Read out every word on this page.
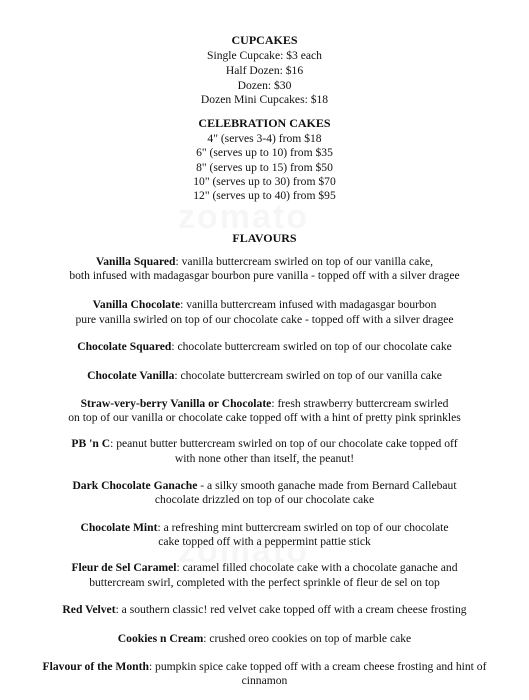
CUPCAKES
Single Cupcake: $3 each
Half Dozen: $16
Dozen: $30
Dozen Mini Cupcakes: $18
CELEBRATION CAKES
4" (serves 3-4) from $18
6" (serves up to 10) from $35
8" (serves up to 15) from $50
10" (serves up to 30) from $70
12" (serves up to 40) from $95
FLAVOURS
Vanilla Squared: vanilla buttercream swirled on top of our vanilla cake,
both infused with madagasgar bourbon pure vanilla - topped off with a silver dragee
Vanilla Chocolate: vanilla buttercream infused with madagasgar bourbon
pure vanilla swirled on top of our chocolate cake - topped off with a silver dragee
Chocolate Squared: chocolate buttercream swirled on top of our chocolate cake
Chocolate Vanilla: chocolate buttercream swirled on top of our vanilla cake
Straw-very-berry Vanilla or Chocolate: fresh strawberry buttercream swirled
on top of our vanilla or chocolate cake topped off with a hint of pretty pink sprinkles
PB 'n C: peanut butter buttercream swirled on top of our chocolate cake topped off
with none other than itself, the peanut!
Dark Chocolate Ganache - a silky smooth ganache made from Bernard Callebaut
chocolate drizzled on top of our chocolate cake
Chocolate Mint: a refreshing mint buttercream swirled on top of our chocolate
cake topped off with a peppermint pattie stick
Fleur de Sel Caramel: caramel filled chocolate cake with a chocolate ganache and
buttercream swirl, completed with the perfect sprinkle of fleur de sel on top
Red Velvet: a southern classic! red velvet cake topped off with a cream cheese frosting
Cookies n Cream: crushed oreo cookies on top of marble cake
Flavour of the Month: pumpkin spice cake topped off with a cream cheese frosting and hint of
cinnamon
